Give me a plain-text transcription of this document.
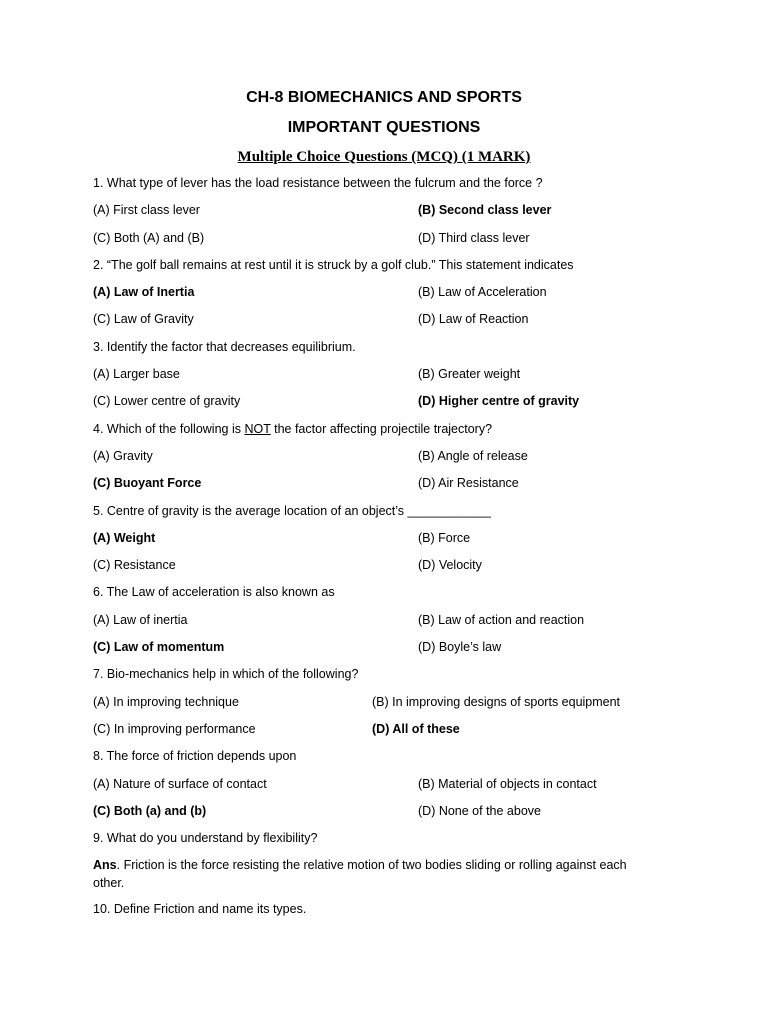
CH-8 BIOMECHANICS AND SPORTS
IMPORTANT QUESTIONS
Multiple Choice Questions (MCQ) (1 MARK)
1. What type of lever has the load resistance between the fulcrum and the force ?
(A) First class lever	(B) Second class lever
(C) Both (A) and (B)	(D) Third class lever
2. “The golf ball remains at rest until it is struck by a golf club.” This statement indicates
(A) Law of Inertia	(B) Law of Acceleration
(C) Law of Gravity	(D) Law of Reaction
3. Identify the factor that decreases equilibrium.
(A) Larger base	(B) Greater weight
(C) Lower centre of gravity	(D) Higher centre of gravity
4. Which of the following is NOT the factor affecting projectile trajectory?
(A) Gravity	(B) Angle of release
(C) Buoyant Force	(D) Air Resistance
5. Centre of gravity is the average location of an object’s ____________
(A) Weight	(B) Force
(C) Resistance	(D) Velocity
6. The Law of acceleration is also known as
(A) Law of inertia	(B) Law of action and reaction
(C) Law of momentum	(D) Boyle’s law
7. Bio-mechanics help in which of the following?
(A) In improving technique	(B) In improving designs of sports equipment
(C) In improving performance	(D) All of these
8. The force of friction depends upon
(A) Nature of surface of contact	(B) Material of objects in contact
(C) Both (a) and (b)	(D) None of the above
9. What do you understand by flexibility?
Ans. Friction is the force resisting the relative motion of two bodies sliding or rolling against each other.
10. Define Friction and name its types.
